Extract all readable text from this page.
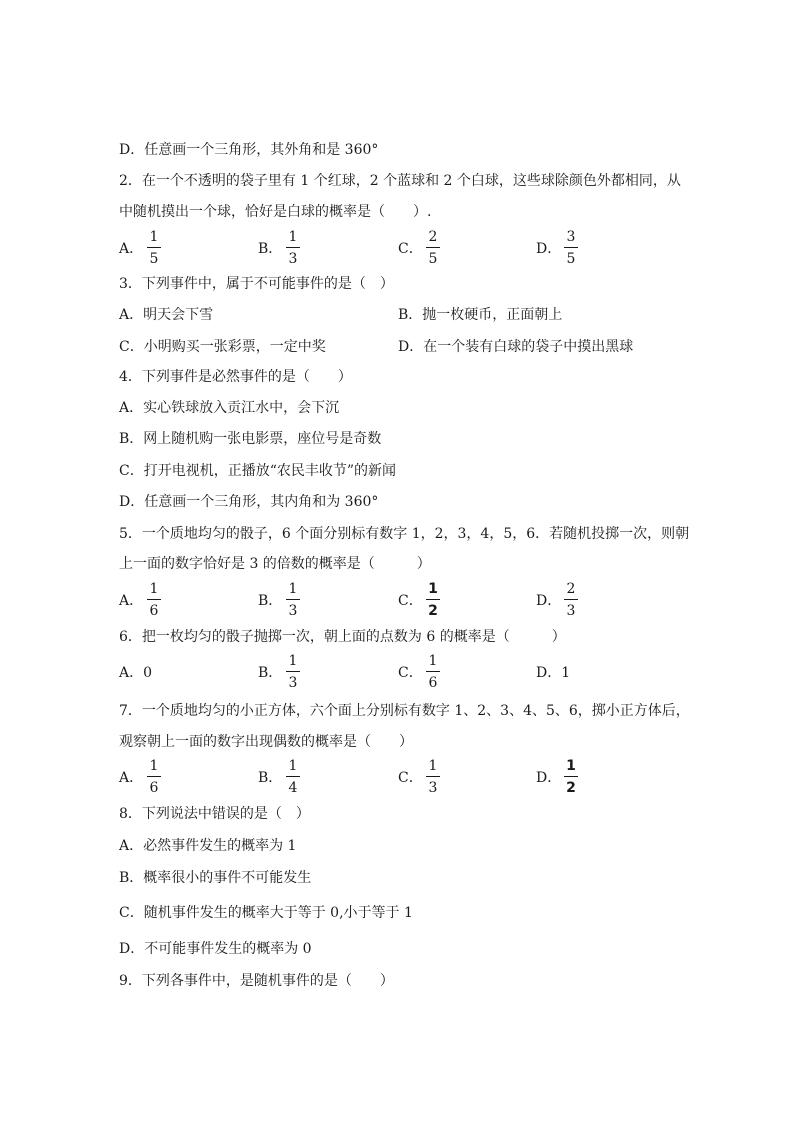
D．任意画一个三角形，其外角和是 360°
2．在一个不透明的袋子里有 1 个红球，2 个蓝球和 2 个白球，这些球除颜色外都相同，从
中随机摸出一个球，恰好是白球的概率是（　　）.
A．
1
5
B．
1
3
C．
2
5
D．
3
5
3．下列事件中，属于不可能事件的是（　）
A．明天会下雪	B．抛一枚硬币，正面朝上
C．小明购买一张彩票，一定中奖	D．在一个装有白球的袋子中摸出黑球
4．下列事件是必然事件的是（　　）
A．实心铁球放入贡江水中，会下沉
B．网上随机购一张电影票，座位号是奇数
C．打开电视机，正播放“农民丰收节”的新闻
D．任意画一个三角形，其内角和为 360°
5．一个质地均匀的骰子，6 个面分别标有数字 1，2，3，4，5，6．若随机投掷一次，则朝
上一面的数字恰好是 3 的倍数的概率是（　　　）
A．
1
6
B．
1
3
C．
1
2
D．
2
3
6．把一枚均匀的骰子抛掷一次，朝上面的点数为 6 的概率是（　　　）
A．0	B．
1
3
C．
1
6
D．1
7．一个质地均匀的小正方体，六个面上分别标有数字 1、2、3、4、5、6，掷小正方体后，
观察朝上一面的数字出现偶数的概率是（　　）
A．
1
6
B．
1
4
C．
1
3
D．
1
2
8．下列说法中错误的是（　）
A．必然事件发生的概率为 1
B．概率很小的事件不可能发生
C．随机事件发生的概率大于等于 0,小于等于 1
D．不可能事件发生的概率为 0
9．下列各事件中，是随机事件的是（　　）
